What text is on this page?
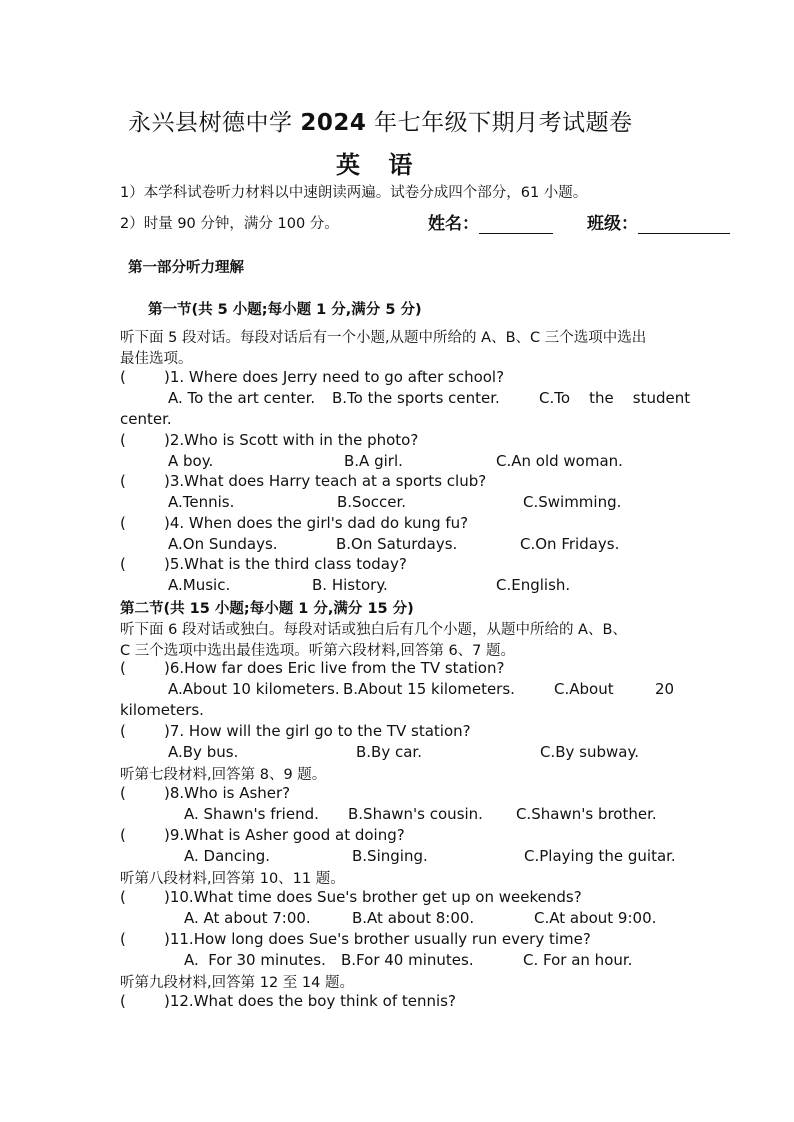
永兴县树德中学 2024 年七年级下期月考试题卷
英 语
1）本学科试卷听力材料以中速朗读两遍。试卷分成四个部分，61 小题。
2）时量 90 分钟，满分 100 分。	姓名：	班级：
第一部分听力理解
第一节(共 5 小题;每小题 1 分,满分 5 分)
听下面 5 段对话。每段对话后有一个小题,从题中所给的 A、B、C 三个选项中选出
最佳选项。
(        )1. Where does Jerry need to go after school?
A. To the art center. B.To the sports center.	C.To    the    student
center.
(        )2.Who is Scott with in the photo?
A boy.	B.A girl.	C.An old woman.
(        )3.What does Harry teach at a sports club?
A.Tennis.	B.Soccer.	C.Swimming.
(        )4. When does the girl's dad do kung fu?
A.On Sundays.	B.On Saturdays.	C.On Fridays.
(        )5.What is the third class today?
A.Music.	B. History.	C.English.
第二节(共 15 小题;每小题 1 分,满分 15 分)
听下面 6 段对话或独白。每段对话或独白后有几个小题，从题中所给的 A、B、
C 三个选项中选出最佳选项。听第六段材料,回答第 6、7 题。
(        )6.How far does Eric live from the TV station?
A.About 10 kilometers. B.About 15 kilometers.	C.About	20
kilometers.
(        )7. How will the girl go to the TV station?
A.By bus.	B.By car.	C.By subway.
听第七段材料,回答第 8、9 题。
(        )8.Who is Asher?
A. Shawn's friend. B.Shawn's cousin. C.Shawn's brother.
(        )9.What is Asher good at doing?
A. Dancing.	B.Singing.	C.Playing the guitar.
听第八段材料,回答第 10、11 题。
(        )10.What time does Sue's brother get up on weekends?
A. At about 7:00.	B.At about 8:00.	C.At about 9:00.
(        )11.How long does Sue's brother usually run every time?
A.  For 30 minutes. B.For 40 minutes.	C. For an hour.
听第九段材料,回答第 12 至 14 题。
(        )12.What does the boy think of tennis?
